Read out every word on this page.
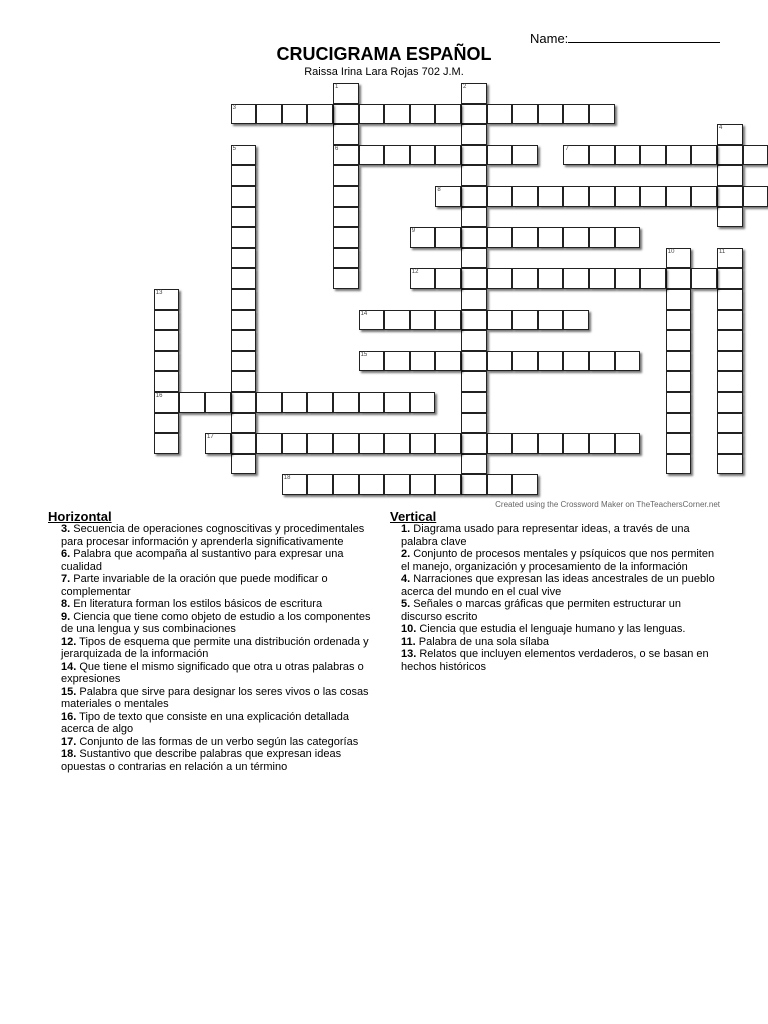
Name:
CRUCIGRAMA ESPAÑOL
Raissa Irina Lara Rojas 702 J.M.
1
6
2
3
4
5	7
8
9
10	11
12
13
16
14
15
17
18
Created using the Crossword Maker on TheTeachersCorner.net
Horizontal

3. Secuencia de operaciones cognoscitivas y procedimentales para procesar información y aprenderla significativamente

6. Palabra que acompaña al sustantivo para expresar una cualidad

7. Parte invariable de la oración que puede modificar o complementar

8. En literatura forman los estilos básicos de escritura

9. Ciencia que tiene como objeto de estudio a los componentes de una lengua y sus combinaciones

12. Tipos de esquema que permite una distribución ordenada y jerarquizada de la información

14. Que tiene el mismo significado que otra u otras palabras o expresiones

15. Palabra que sirve para designar los seres vivos o las cosas materiales o mentales

16. Tipo de texto que consiste en una explicación detallada acerca de algo

17. Conjunto de las formas de un verbo según las categorías

18. Sustantivo que describe palabras que expresan ideas opuestas o contrarias en relación a un término

Vertical

1. Diagrama usado para representar ideas, a través de una palabra clave

2. Conjunto de procesos mentales y psíquicos que nos permiten el manejo, organización y procesamiento de la información

4. Narraciones que expresan las ideas ancestrales de un pueblo acerca del mundo en el cual vive

5. Señales o marcas gráficas que permiten estructurar un discurso escrito

10. Ciencia que estudia el lenguaje humano y las lenguas.

11. Palabra de una sola sílaba

13. Relatos que incluyen elementos verdaderos, o se basan en hechos históricos
